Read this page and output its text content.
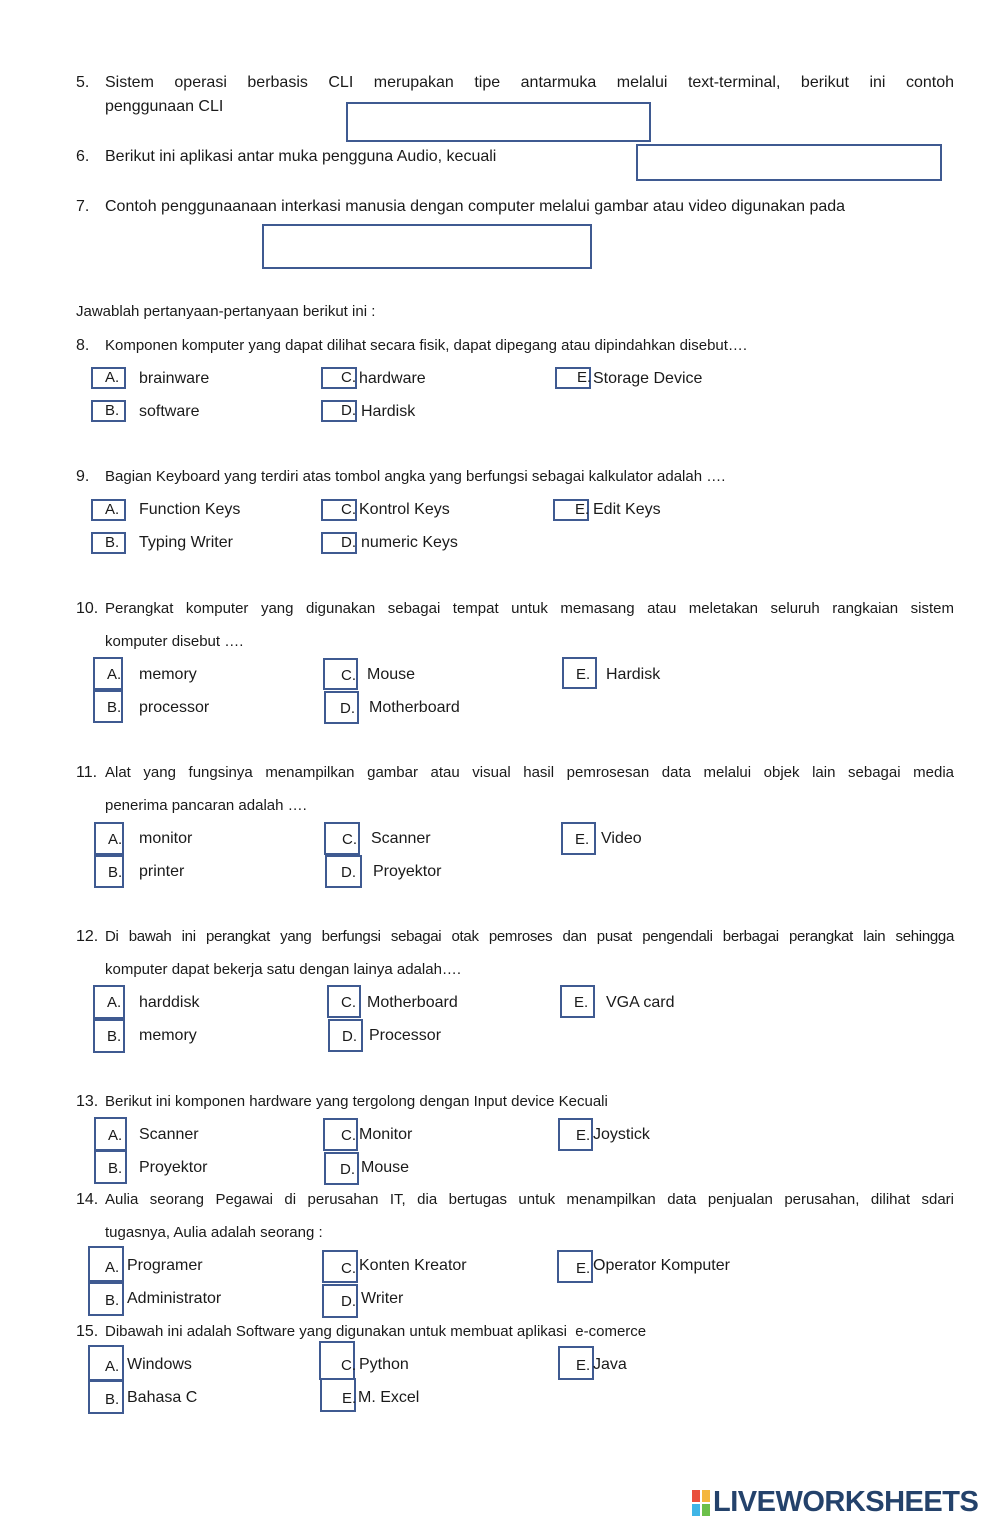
5. Sistem operasi berbasis CLI merupakan tipe antarmuka melalui text-terminal, berikut ini contoh
penggunaan CLI
6. Berikut ini aplikasi antar muka pengguna Audio, kecuali
7. Contoh penggunaanaan interkasi manusia dengan computer melalui gambar atau video digunakan pada
Jawablah pertanyaan-pertanyaan berikut ini :
8. Komponen komputer yang dapat dilihat secara fisik, dapat dipegang atau dipindahkan disebut….
A.	brainware	C. hardware	E. Storage Device
B.	software	D. Hardisk
9. Bagian Keyboard yang terdiri atas tombol angka yang berfungsi sebagai kalkulator adalah ….
A.	Function Keys	C. Kontrol Keys	E. Edit Keys
B.	Typing Writer	D. numeric Keys
10. Perangkat komputer yang digunakan sebagai tempat untuk memasang atau meletakan seluruh rangkaian sistem
komputer disebut ….
A. memory	C. Mouse	E. Hardisk
B. processor	D. Motherboard
11. Alat yang fungsinya menampilkan gambar atau visual hasil pemrosesan data melalui objek lain sebagai media
penerima pancaran adalah ….
A. monitor	C. Scanner	E. Video
B. printer	D.	Proyektor
12. Di bawah ini perangkat yang berfungsi sebagai otak pemroses dan pusat pengendali berbagai perangkat lain sehingga
komputer dapat bekerja satu dengan lainya adalah….
A. harddisk	C. Motherboard	E.	VGA card
B. memory	D. Processor
13. Berikut ini komponen hardware yang tergolong dengan Input device Kecuali
A.	Scanner	C. Monitor	E. Joystick
B.	Proyektor	D. Mouse
14. Aulia seorang Pegawai di perusahan IT, dia bertugas untuk menampilkan data penjualan perusahan, dilihat sdari
tugasnya, Aulia adalah seorang :
A. Programer	C. Konten Kreator	E. Operator Komputer
B. Administrator	D. Writer
15. Dibawah ini adalah Software yang digunakan untuk membuat aplikasi  e-comerce
A. Windows	C. Python	E. Java
B. Bahasa C	E. M. Excel
LIVEWORKSHEETS
